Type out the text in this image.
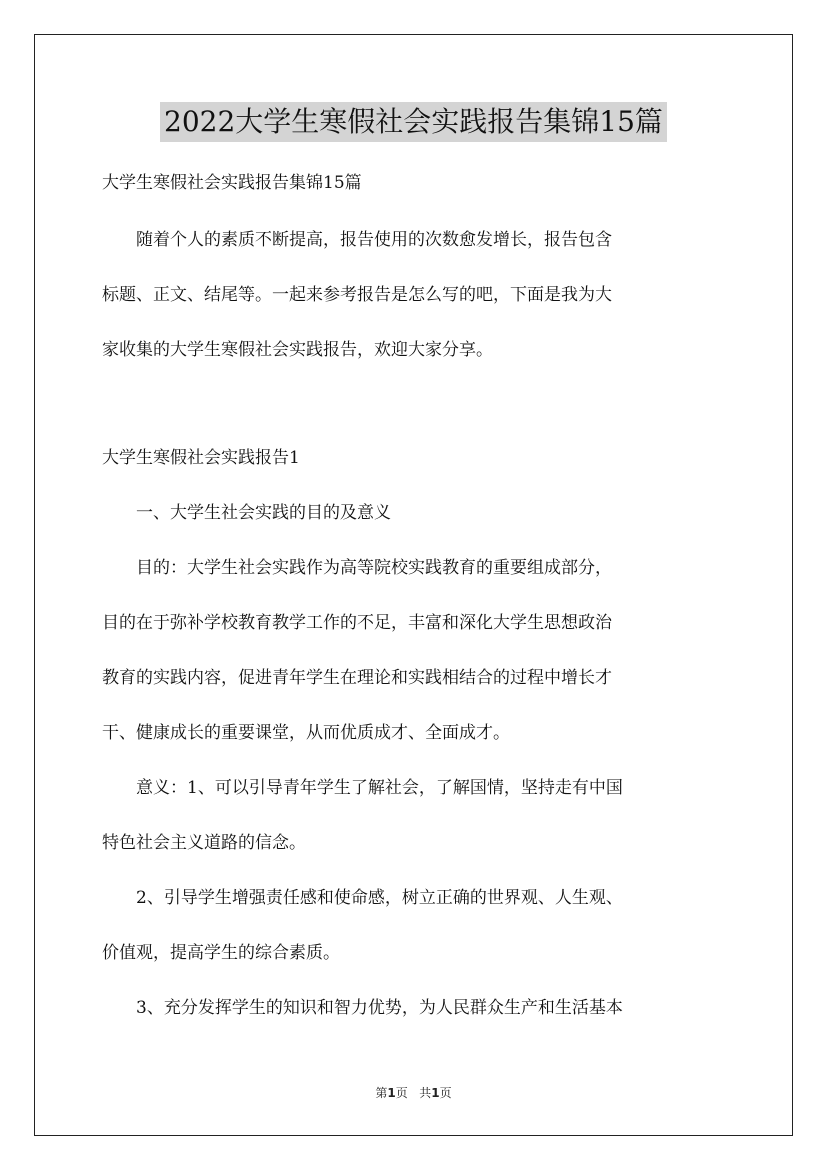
2022大学生寒假社会实践报告集锦15篇

大学生寒假社会实践报告集锦15篇

随着个人的素质不断提高，报告使用的次数愈发增长，报告包含

标题、正文、结尾等。一起来参考报告是怎么写的吧，下面是我为大

家收集的大学生寒假社会实践报告，欢迎大家分享。

大学生寒假社会实践报告1

一、大学生社会实践的目的及意义

目的：大学生社会实践作为高等院校实践教育的重要组成部分，

目的在于弥补学校教育教学工作的不足，丰富和深化大学生思想政治

教育的实践内容，促进青年学生在理论和实践相结合的过程中增长才

干、健康成长的重要课堂，从而优质成才、全面成才。

意义：1、可以引导青年学生了解社会，了解国情，坚持走有中国

特色社会主义道路的信念。

2、引导学生增强责任感和使命感，树立正确的世界观、人生观、

价值观，提高学生的综合素质。

3、充分发挥学生的知识和智力优势，为人民群众生产和生活基本

第1页 共1页
